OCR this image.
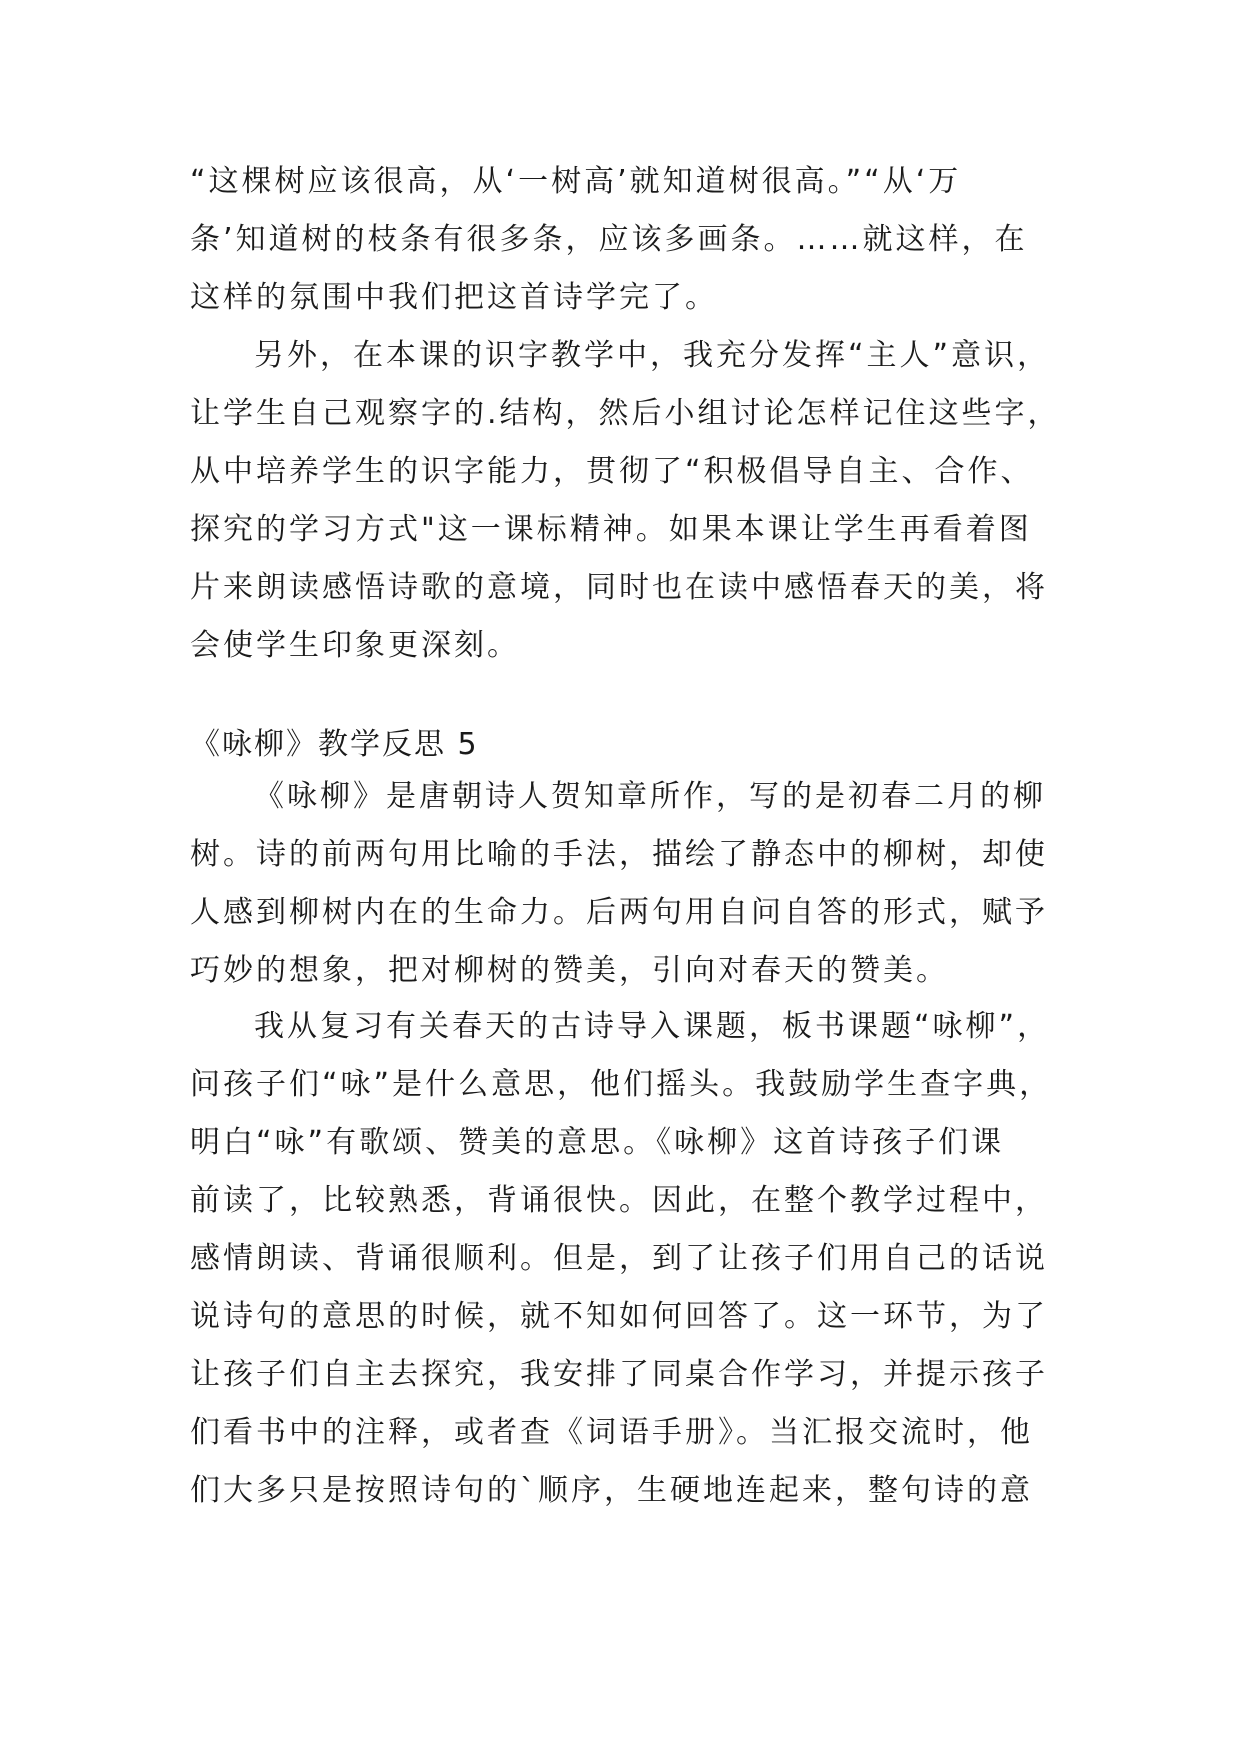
“这棵树应该很高，从‘一树高’就知道树很高。”“从‘万
条’知道树的枝条有很多条，应该多画条。……就这样，在
这样的氛围中我们把这首诗学完了。
另外，在本课的识字教学中，我充分发挥“主人”意识，
让学生自己观察字的.结构，然后小组讨论怎样记住这些字，
从中培养学生的识字能力，贯彻了“积极倡导自主、合作、
探究的学习方式"这一课标精神。如果本课让学生再看着图
片来朗读感悟诗歌的意境，同时也在读中感悟春天的美，将
会使学生印象更深刻。
《咏柳》教学反思 5
《咏柳》是唐朝诗人贺知章所作，写的是初春二月的柳
树。诗的前两句用比喻的手法，描绘了静态中的柳树，却使
人感到柳树内在的生命力。后两句用自问自答的形式，赋予
巧妙的想象，把对柳树的赞美，引向对春天的赞美。
我从复习有关春天的古诗导入课题，板书课题“咏柳”，
问孩子们“咏”是什么意思，他们摇头。我鼓励学生查字典，
明白“咏”有歌颂、赞美的意思。《咏柳》这首诗孩子们课
前读了，比较熟悉，背诵很快。因此，在整个教学过程中，
感情朗读、背诵很顺利。但是，到了让孩子们用自己的话说
说诗句的意思的时候，就不知如何回答了。这一环节，为了
让孩子们自主去探究，我安排了同桌合作学习，并提示孩子
们看书中的注释，或者查《词语手册》。当汇报交流时，他
们大多只是按照诗句的`顺序，生硬地连起来，整句诗的意
